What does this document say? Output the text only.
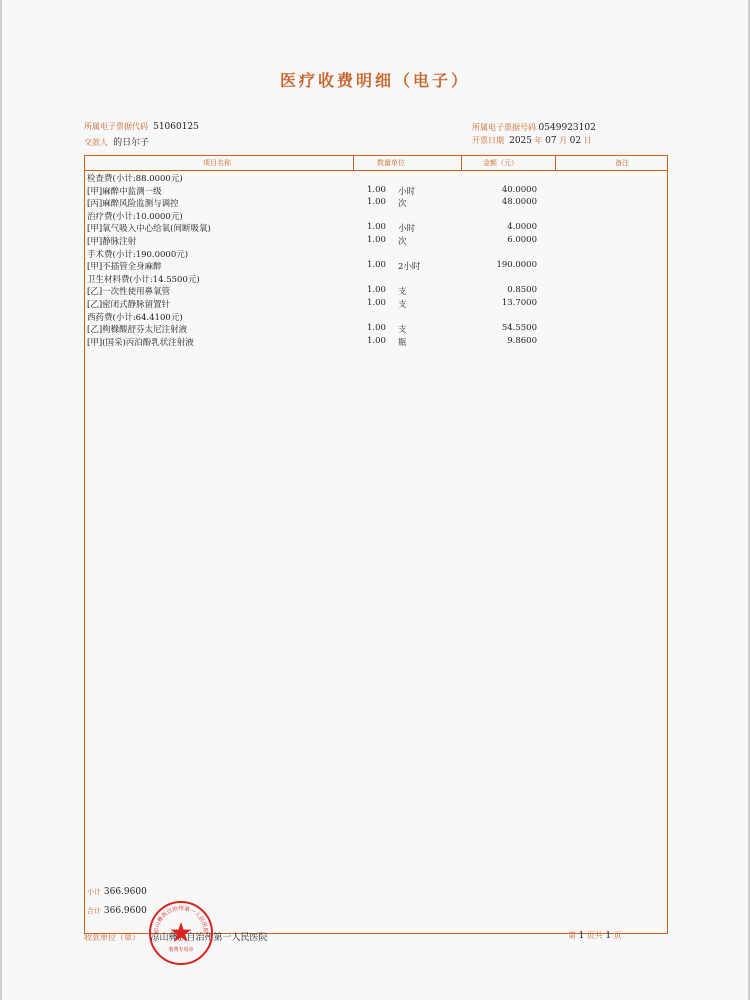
医疗收费明细（电子）
所属电子票据代码 51060125
交款人 的日尔子
所属电子票据号码 0549923102
开票日期 2025 年 07 月 02 日
项目名称	数量单位	金额（元）	备注
检查费(小计:88.0000元)
[甲]麻醉中监测一级	1.00 小时	40.0000
[丙]麻醉风险监测与调控	1.00 次	48.0000
治疗费(小计:10.0000元)
[甲]氧气吸入中心给氧(间断吸氧)	1.00 小时	4.0000
[甲]静脉注射	1.00 次	6.0000
手术费(小计:190.0000元)
[甲]不插管全身麻醉	1.00 2小时	190.0000
卫生材料费(小计:14.5500元)
[乙]一次性使用鼻氧管	1.00 支	0.8500
[乙]密闭式静脉留置针	1.00 支	13.7000
西药费(小计:64.4100元)
[乙]枸橼酸舒芬太尼注射液	1.00 支	54.5500
[甲](国采)丙泊酚乳状注射液	1.00 瓶	9.8600
小计 366.9600
合计 366.9600
收款单位（章） 凉山彝族自治州第一人民医院	第 1 页共 1 页
凉山彝族自治州第一人民医院
收费专用章
